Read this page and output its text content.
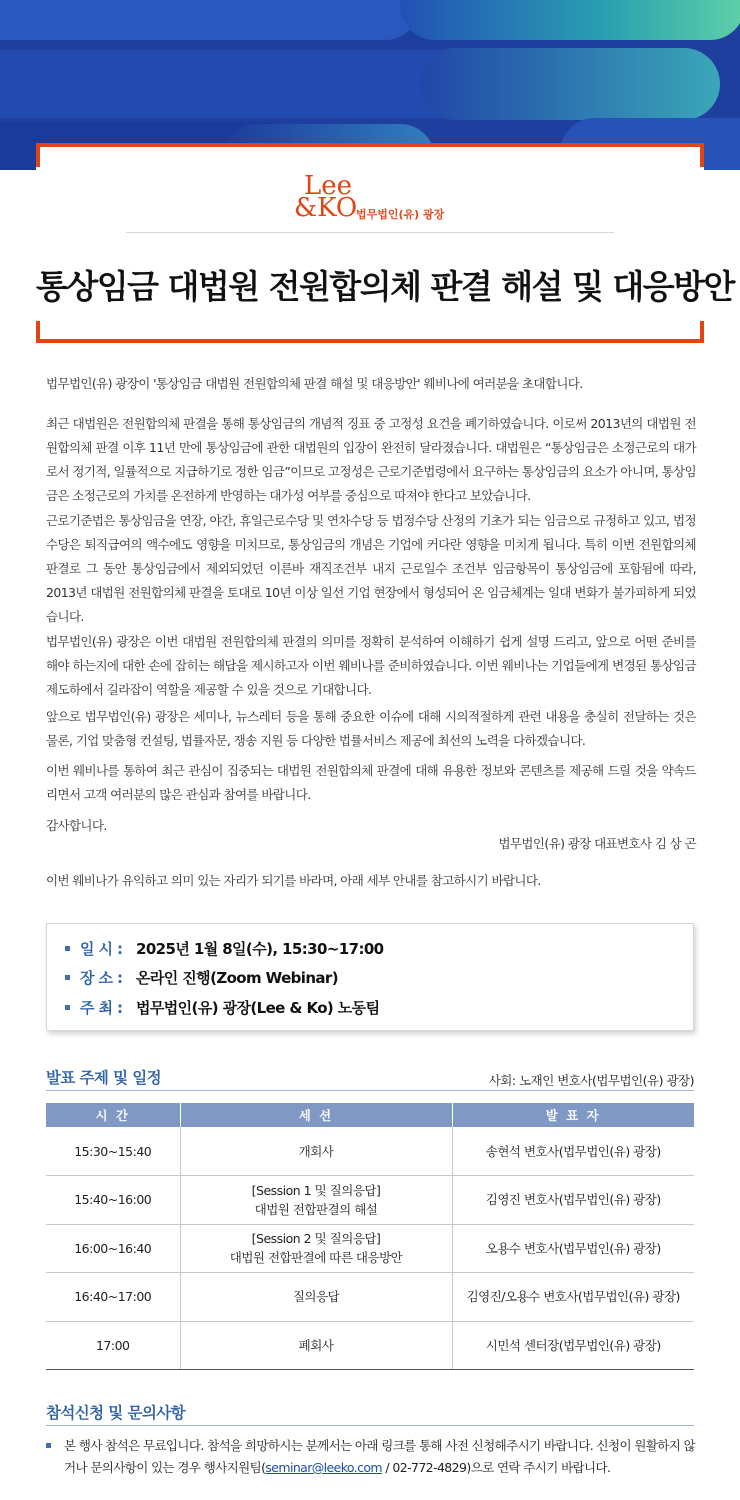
Lee
&KO
법무법인(유) 광장
통상임금 대법원 전원합의체 판결 해설 및 대응방안

법무법인(유) 광장이 '통상임금 대법원 전원합의체 판결 해설 및 대응방안' 웨비나에 여러분을 초대합니다.

최근 대법원은 전원합의체 판결을 통해 통상임금의 개념적 징표 중 고정성 요건을 폐기하였습니다. 이로써 2013년의 대법원 전원합의체 판결 이후 11년 만에 통상임금에 관한 대법원의 입장이 완전히 달라졌습니다. 대법원은 “통상임금은 소정근로의 대가로서 정기적, 일률적으로 지급하기로 정한 임금”이므로 고정성은 근로기준법령에서 요구하는 통상임금의 요소가 아니며, 통상임금은 소정근로의 가치를 온전하게 반영하는 대가성 여부를 중심으로 따져야 한다고 보았습니다.

근로기준법은 통상임금을 연장, 야간, 휴일근로수당 및 연차수당 등 법정수당 산정의 기초가 되는 임금으로 규정하고 있고, 법정수당은 퇴직급여의 액수에도 영향을 미치므로, 통상임금의 개념은 기업에 커다란 영향을 미치게 됩니다. 특히 이번 전원합의체 판결로 그 동안 통상임금에서 제외되었던 이른바 재직조건부 내지 근로일수 조건부 임금항목이 통상임금에 포함됨에 따라, 2013년 대법원 전원합의체 판결을 토대로 10년 이상 일선 기업 현장에서 형성되어 온 임금체계는 일대 변화가 불가피하게 되었습니다.

법무법인(유) 광장은 이번 대법원 전원합의체 판결의 의미를 정확히 분석하여 이해하기 쉽게 설명 드리고, 앞으로 어떤 준비를 해야 하는지에 대한 손에 잡히는 해답을 제시하고자 이번 웨비나를 준비하였습니다. 이번 웨비나는 기업들에게 변경된 통상임금 제도하에서 길라잡이 역할을 제공할 수 있을 것으로 기대합니다.

앞으로 법무법인(유) 광장은 세미나, 뉴스레터 등을 통해 중요한 이슈에 대해 시의적절하게 관련 내용을 충실히 전달하는 것은 물론, 기업 맞춤형 컨설팅, 법률자문, 쟁송 지원 등 다양한 법률서비스 제공에 최선의 노력을 다하겠습니다.

이번 웨비나를 통하여 최근 관심이 집중되는 대법원 전원합의체 판결에 대해 유용한 정보와 콘텐츠를 제공해 드릴 것을 약속드리면서 고객 여러분의 많은 관심과 참여를 바랍니다.

감사합니다.

법무법인(유) 광장 대표변호사 김 상 곤

이번 웨비나가 유익하고 의미 있는 자리가 되기를 바라며, 아래 세부 안내를 참고하시기 바랍니다.

일 시 : 2025년 1월 8일(수), 15:30~17:00
장 소 : 온라인 진행(Zoom Webinar)
주 최 : 법무법인(유) 광장(Lee & Ko) 노동팀
발표 주제 및 일정	사회: 노재인 변호사(법무법인(유) 광장)
시 간	세 션	발 표 자
15:30~15:40	개회사	송현석 변호사(법무법인(유) 광장)
15:40~16:00	[Session 1 및 질의응답]
대법원 전합판결의 해설	김영진 변호사(법무법인(유) 광장)
16:00~16:40	[Session 2 및 질의응답]
대법원 전합판결에 따른 대응방안	오용수 변호사(법무법인(유) 광장)
16:40~17:00	질의응답	김영진/오용수 변호사(법무법인(유) 광장)
17:00	폐회사	시민석 센터장(법무법인(유) 광장)
참석신청 및 문의사항
본 행사 참석은 무료입니다. 참석을 희망하시는 분께서는 아래 링크를 통해 사전 신청해주시기 바랍니다. 신청이 원활하지 않거나 문의사항이 있는 경우 행사지원팀(seminar@leeko.com / 02-772-4829)으로 연락 주시기 바랍니다.
